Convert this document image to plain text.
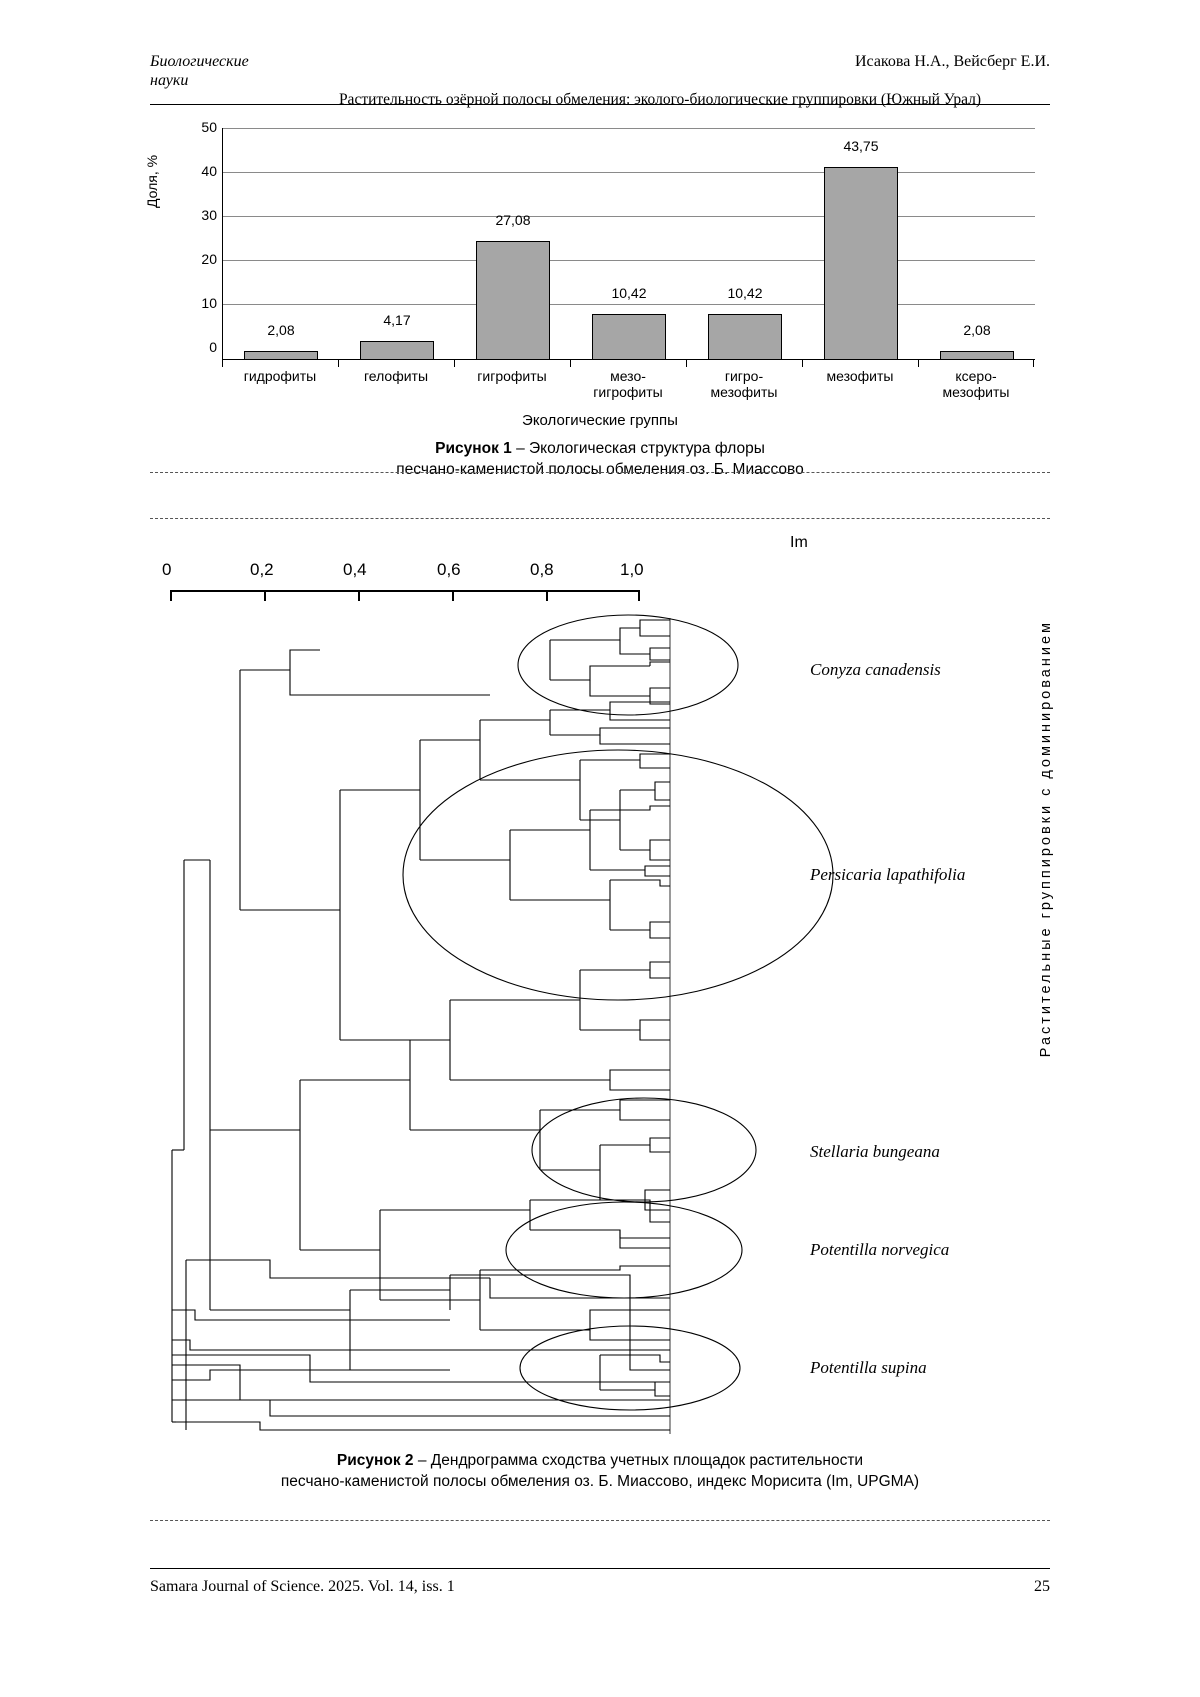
Биологические
науки
Исакова Н.А., Вейсберг Е.И.
Растительность озёрной полосы обмеления: эколого-биологические группировки (Южный Урал)
Доля, %
50
40
30
20
10
0
2,08
4,17
27,08
10,42	10,42
43,75
2,08
гидрофиты	гелофиты	гигрофиты	мезо-
гигрофиты
гигро-
мезофиты
мезофиты	ксеро-
мезофиты
Экологические группы
Рисунок 1 – Экологическая структура флоры
песчано-каменистой полосы обмеления оз. Б. Миассово
Im
0	0,2	0,4	0,6	0,8	1,0
Conyza canadensis
Persicaria lapathifolia
Stellaria bungeana
Potentilla norvegica
Potentilla supina
Растительные группировки с доминированием
Рисунок 2 – Дендрограмма сходства учетных площадок растительности
песчано-каменистой полосы обмеления оз. Б. Миассово, индекс Морисита (Im, UPGMA)
Samara Journal of Science. 2025. Vol. 14, iss. 1	25
